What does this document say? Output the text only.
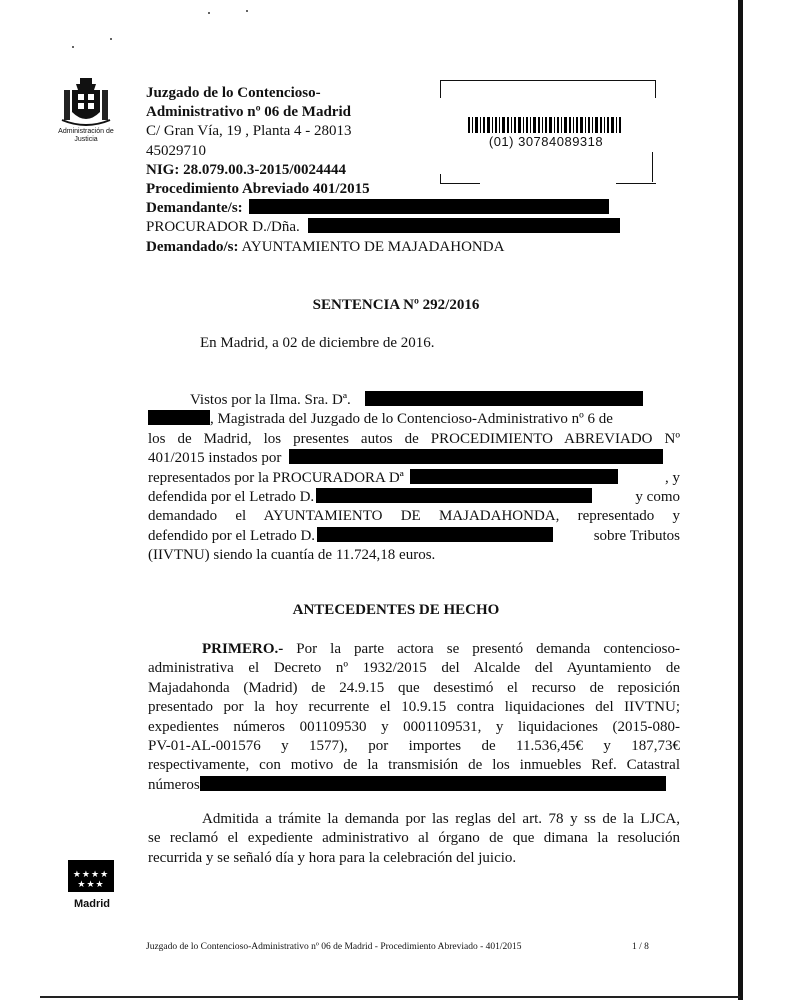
Administración de Justicia
Juzgado de lo Contencioso-
Administrativo nº 06 de Madrid
C/ Gran Vía, 19 , Planta 4 - 28013
45029710
NIG: 28.079.00.3-2015/0024444
Procedimiento Abreviado 401/2015
Demandante/s:
PROCURADOR D./Dña.
Demandado/s: AYUNTAMIENTO DE MAJADAHONDA
(01) 30784089318
SENTENCIA Nº 292/2016
En Madrid, a 02 de diciembre de 2016.
Vistos por la Ilma. Sra. Dª.
, Magistrada del Juzgado de lo Contencioso-Administrativo nº 6 de
los de Madrid, los presentes autos de PROCEDIMIENTO ABREVIADO Nº
401/2015 instados por
representados por la PROCURADORA Dª	, y
defendida por el Letrado D.	y como
demandado el AYUNTAMIENTO DE MAJADAHONDA, representado y
defendido por el Letrado D.	sobre Tributos
(IIVTNU) siendo la cuantía de 11.724,18 euros.
ANTECEDENTES DE HECHO
PRIMERO.- Por la parte actora se presentó demanda contencioso-
administrativa el Decreto nº 1932/2015 del Alcalde del Ayuntamiento de
Majadahonda (Madrid) de 24.9.15 que desestimó el recurso de reposición
presentado por la hoy recurrente el 10.9.15 contra liquidaciones del IIVTNU;
expedientes números 001109530 y 0001109531, y liquidaciones (2015-080-
PV-01-AL-001576 y 1577), por importes de 11.536,45€ y 187,73€
respectivamente, con motivo de la transmisión de los inmuebles Ref. Catastral
números
Admitida a trámite la demanda por las reglas del art. 78 y ss de la LJCA,
se reclamó el expediente administrativo al órgano de que dimana la resolución
recurrida y se señaló día y hora para la celebración del juicio.
★★★★ ★★★
Madrid
Juzgado de lo Contencioso-Administrativo nº 06 de Madrid - Procedimiento Abreviado - 401/2015	1 / 8
